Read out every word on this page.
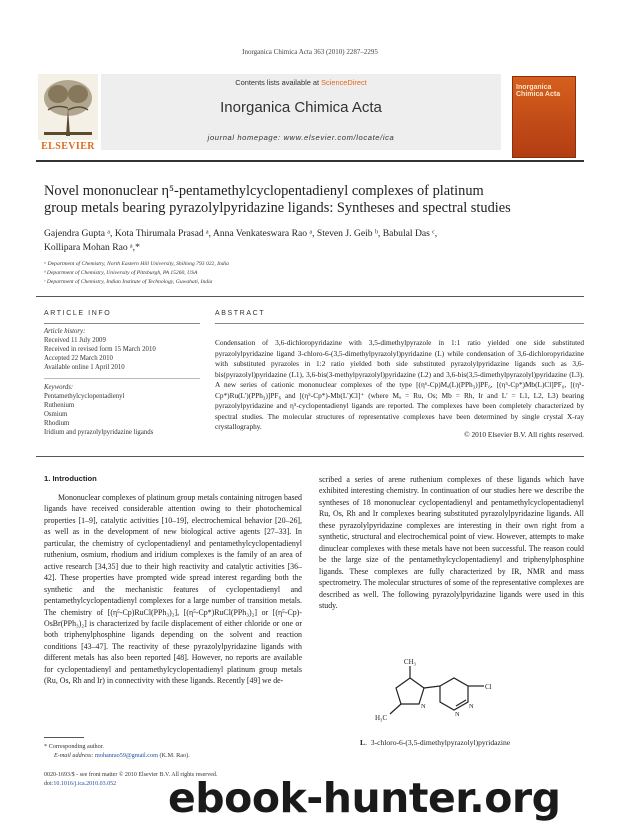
Inorganica Chimica Acta 363 (2010) 2287–2295
Contents lists available at ScienceDirect
Inorganica Chimica Acta
journal homepage: www.elsevier.com/locate/ica
ELSEVIER
Inorganica Chimica Acta
Novel mononuclear η⁵-pentamethylcyclopentadienyl complexes of platinum
group metals bearing pyrazolylpyridazine ligands: Syntheses and spectral studies
Gajendra Gupta ᵃ, Kota Thirumala Prasad ᵃ, Anna Venkateswara Rao ᵃ, Steven J. Geib ᵇ, Babulal Das ᶜ,
Kollipara Mohan Rao ᵃ,*
ᵃ Department of Chemistry, North Eastern Hill University, Shillong 793 022, India
ᵇ Department of Chemistry, University of Pittsburgh, PA 15260, USA
ᶜ Department of Chemistry, Indian Institute of Technology, Guwahati, India
ARTICLE INFO	ABSTRACT
Article history:
Received 11 July 2009
Received in revised form 15 March 2010
Accepted 22 March 2010
Available online 1 April 2010
Keywords:
Pentamethylcyclopentadienyl
Ruthenium
Osmium
Rhodium
Iridium and pyrazolylpyridazine ligands
Condensation of 3,6-dichloropyridazine with 3,5-dimethylpyrazole in 1:1 ratio yielded one side substituted pyrazolylpyridazine ligand 3-chloro-6-(3,5-dimethylpyrazolyl)pyridazine (L) while condensation of 3,6-dichloropyridazine with substituted pyrazoles in 1:2 ratio yielded both side substituted pyrazolylpyridazine ligands such as 3,6-bis(pyrazolyl)pyridazine (L1), 3,6-bis(3-methylpyrazolyl)pyridazine (L2) and 3,6-bis(3,5-dimethylpyrazolyl)pyridazine (L3). A new series of cationic mononuclear complexes of the type [(η⁶-Cp)Mₐ(L)(PPh₃)]PF₆, [(η⁵-Cp*)Mb(L)Cl]PF₆, [(η⁵-Cp*)Ru(L')(PPh₃)]PF₆ and [(η⁵-Cp*)-Mb(L')Cl]⁺ (where Mₐ = Ru, Os; Mb = Rh, Ir and L' = L1, L2, L3) bearing pyrazolylpyridazine and η⁵-cyclopentadienyl ligands are reported. The complexes have been completely characterized by spectral studies. The molecular structures of representative complexes have been determined by single crystal X-ray crystallography.
© 2010 Elsevier B.V. All rights reserved.
1. Introduction

Mononuclear complexes of platinum group metals containing nitrogen based ligands have received considerable attention owing to their photochemical properties [1–9], catalytic activities [10–19], electrochemical behavior [20–26], as well as in the development of new biological active agents [27–33]. In particular, the chemistry of cyclopentadienyl and pentamethylcyclopentadienyl ruthenium, osmium, rhodium and iridium complexes is the family of an area of active research [34,35] due to their high reactivity and catalytic activities [36–42]. These properties have prompted wide spread interest regarding both the synthetic and the mechanistic features of cyclopentadienyl and pentamethylcyclopentadienyl complexes for a large number of transition metals. The chemistry of [(η⁵-Cp)RuCl(PPh₃)₂], [(η⁵-Cp*)RuCl(PPh₃)₂] or [(η⁵-Cp)-OsBr(PPh₃)₂] is characterized by facile displacement of either chloride or one or both triphenylphosphine ligands depending on the solvent and reaction conditions [43–47]. The reactivity of these pyrazolylpyridazine ligands with different metals has also been reported [48]. However, no reports are available for cyclopentadienyl and pentamethylcyclopentadienyl platinum group metals (Ru, Os, Rh and Ir) in connectivity with these ligands. Recently [49] we de-

scribed a series of arene ruthenium complexes of these ligands which have exhibited interesting chemistry. In continuation of our studies here we describe the syntheses of 18 mononuclear cyclopentadienyl and pentamethylcyclopentadienyl Ru, Os, Rh and Ir complexes bearing substituted pyrazolylpyridazine ligands. All these pyrazolylpyridazine complexes are interesting in their own right from a synthetic, structural and electrochemical point of view. However, attempts to make dinuclear complexes with these metals have not been successful. The reason could be the large size of the pentamethylcyclopentadienyl and triphenylphosphine ligands. These complexes are fully characterized by IR, NMR and mass spectrometry. The molecular structures of some of the representative complexes are described as well. The following pyrazolylpyridazine ligands were used in this study.

CH₃
H₃C
Cl
N
N
N
L.  3-chloro-6-(3,5-dimethylpyrazolyl)pyridazine
* Corresponding author.
E-mail address: mohanrao59@gmail.com (K.M. Rao).
0020-1693/$ - see front matter © 2010 Elsevier B.V. All rights reserved.
doi:10.1016/j.ica.2010.03.052 ebook-hunter.org
